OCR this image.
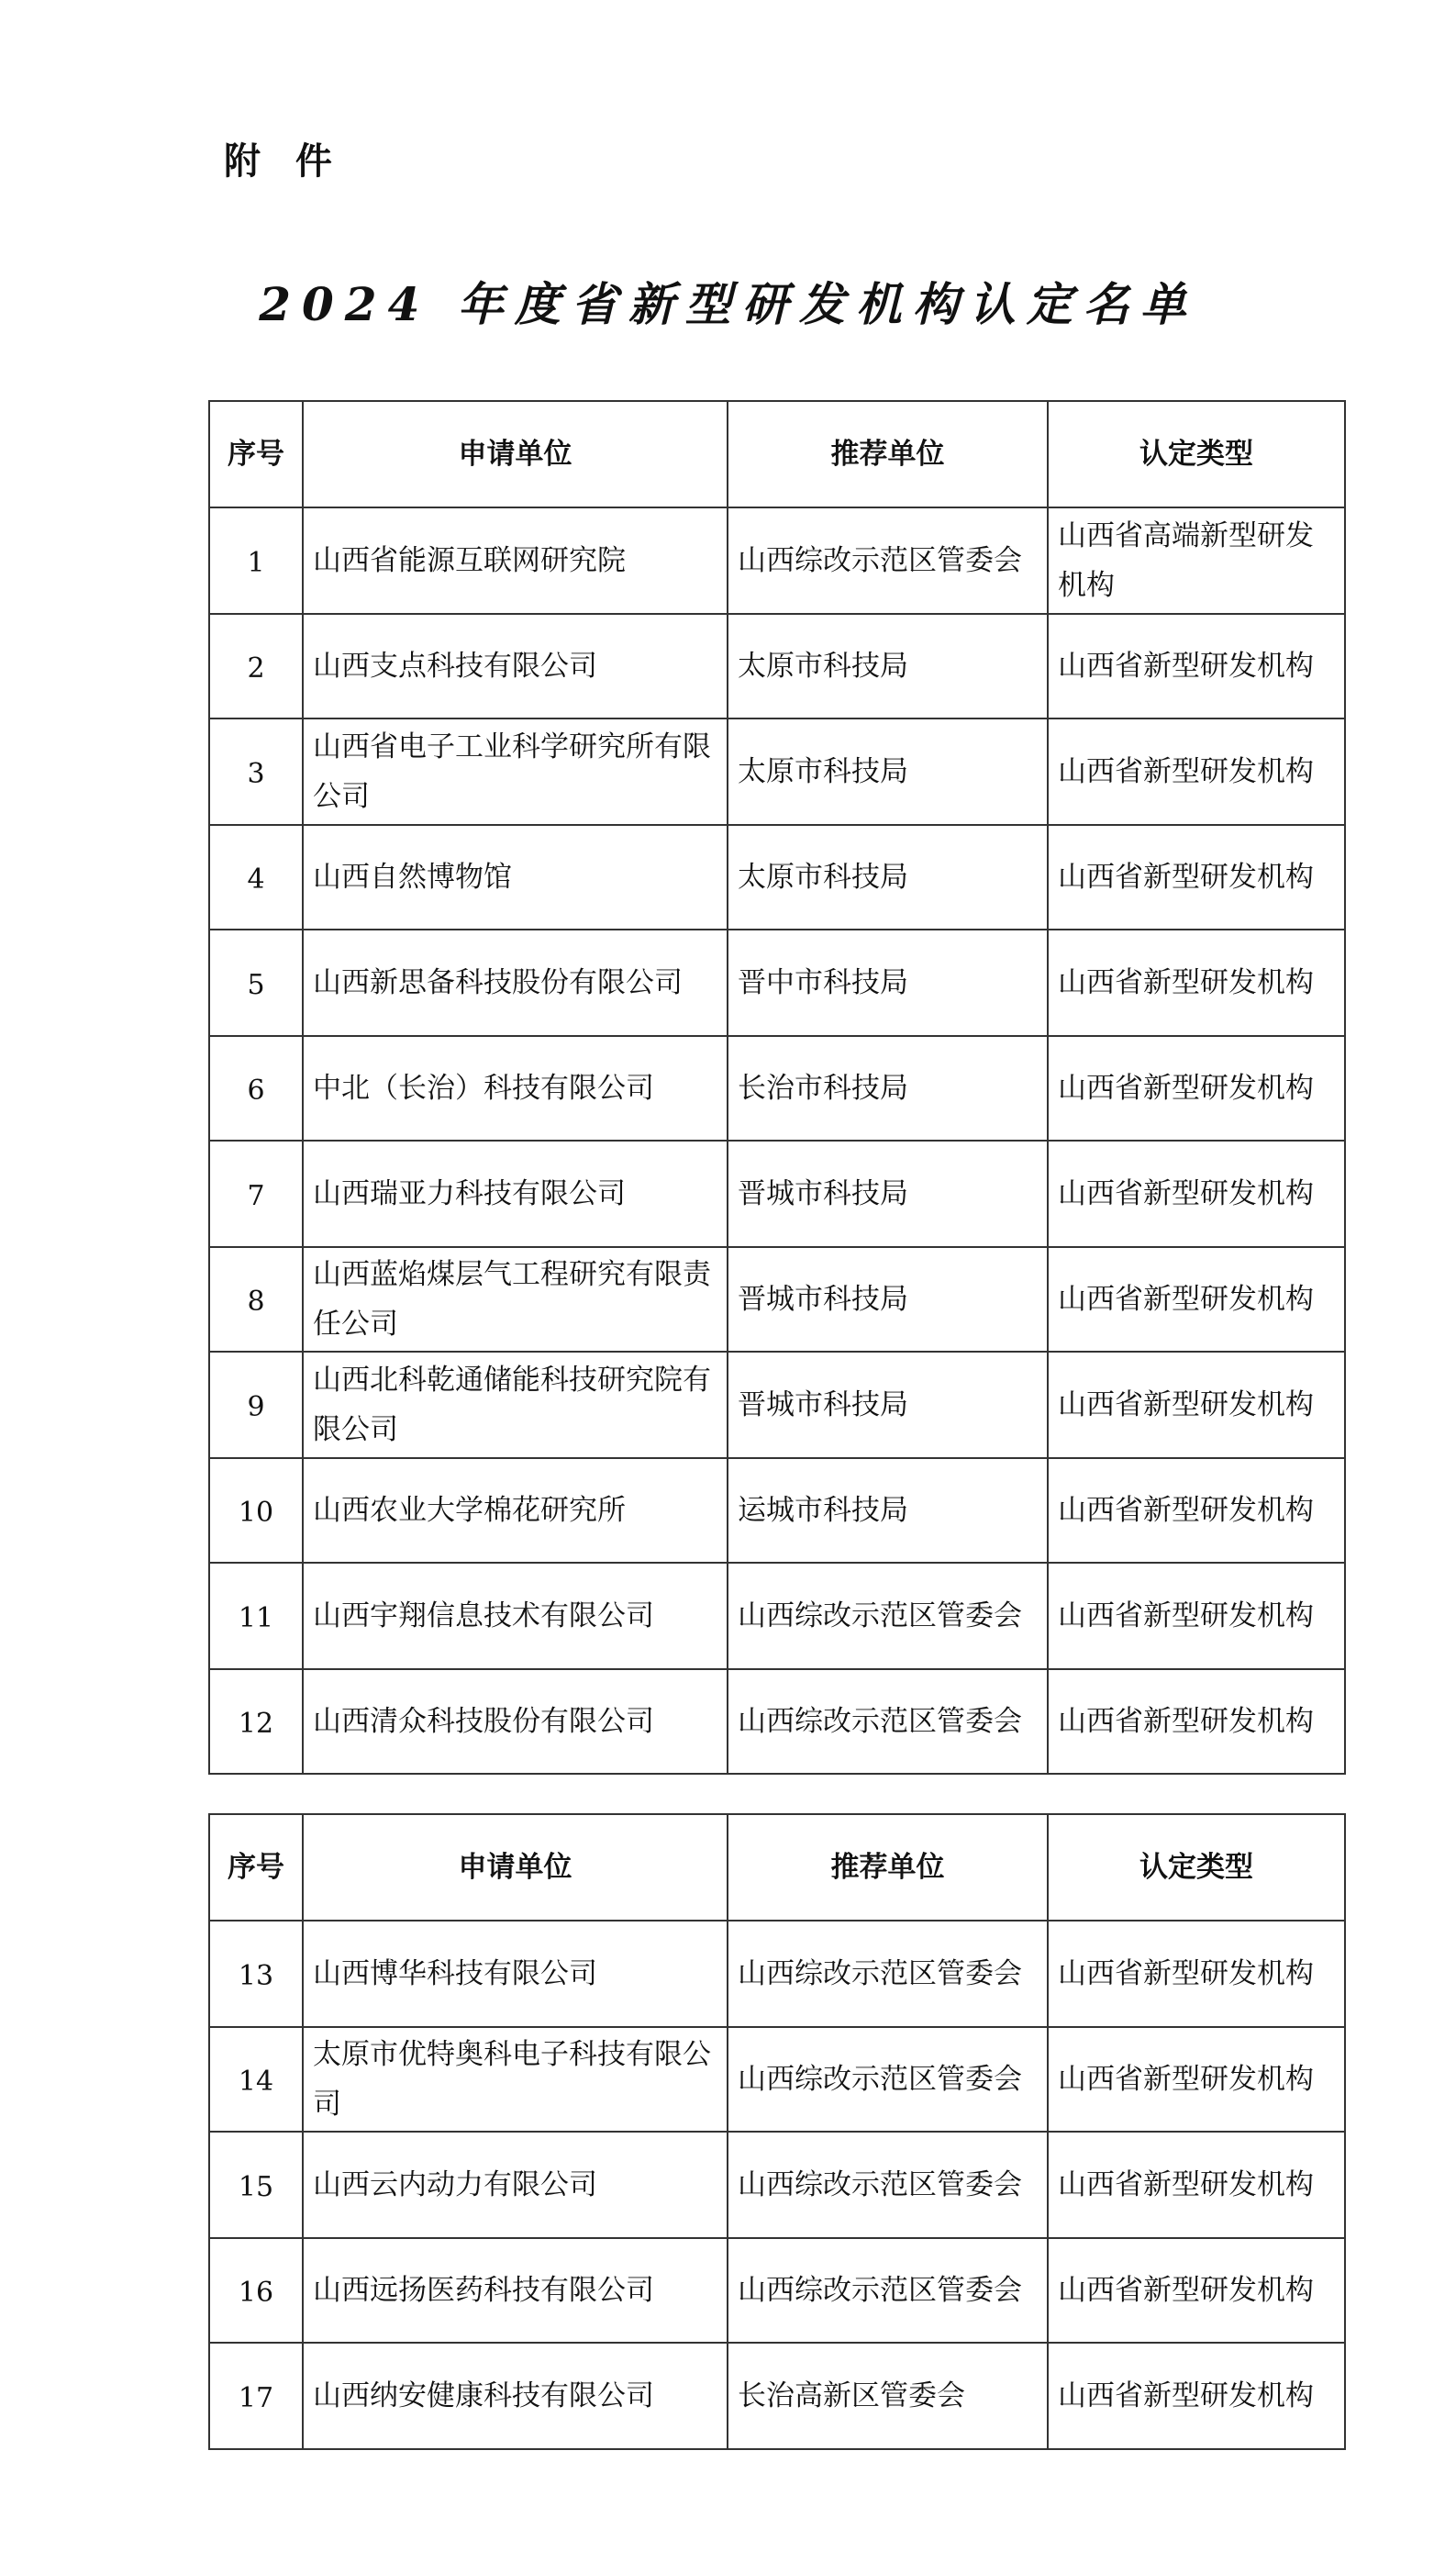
附 件
2024 年度省新型研发机构认定名单
序号	申请单位	推荐单位	认定类型
1	山西省能源互联网研究院	山西综改示范区管委会	山西省高端新型研发机构
2	山西支点科技有限公司	太原市科技局	山西省新型研发机构
3	山西省电子工业科学研究所有限公司	太原市科技局	山西省新型研发机构
4	山西自然博物馆	太原市科技局	山西省新型研发机构
5	山西新思备科技股份有限公司	晋中市科技局	山西省新型研发机构
6	中北（长治）科技有限公司	长治市科技局	山西省新型研发机构
7	山西瑞亚力科技有限公司	晋城市科技局	山西省新型研发机构
8	山西蓝焰煤层气工程研究有限责任公司	晋城市科技局	山西省新型研发机构
9	山西北科乾通储能科技研究院有限公司	晋城市科技局	山西省新型研发机构
10	山西农业大学棉花研究所	运城市科技局	山西省新型研发机构
11	山西宇翔信息技术有限公司	山西综改示范区管委会	山西省新型研发机构
12	山西清众科技股份有限公司	山西综改示范区管委会	山西省新型研发机构
序号	申请单位	推荐单位	认定类型
13	山西博华科技有限公司	山西综改示范区管委会	山西省新型研发机构
14	太原市优特奥科电子科技有限公司	山西综改示范区管委会	山西省新型研发机构
15	山西云内动力有限公司	山西综改示范区管委会	山西省新型研发机构
16	山西远扬医药科技有限公司	山西综改示范区管委会	山西省新型研发机构
17	山西纳安健康科技有限公司	长治高新区管委会	山西省新型研发机构
